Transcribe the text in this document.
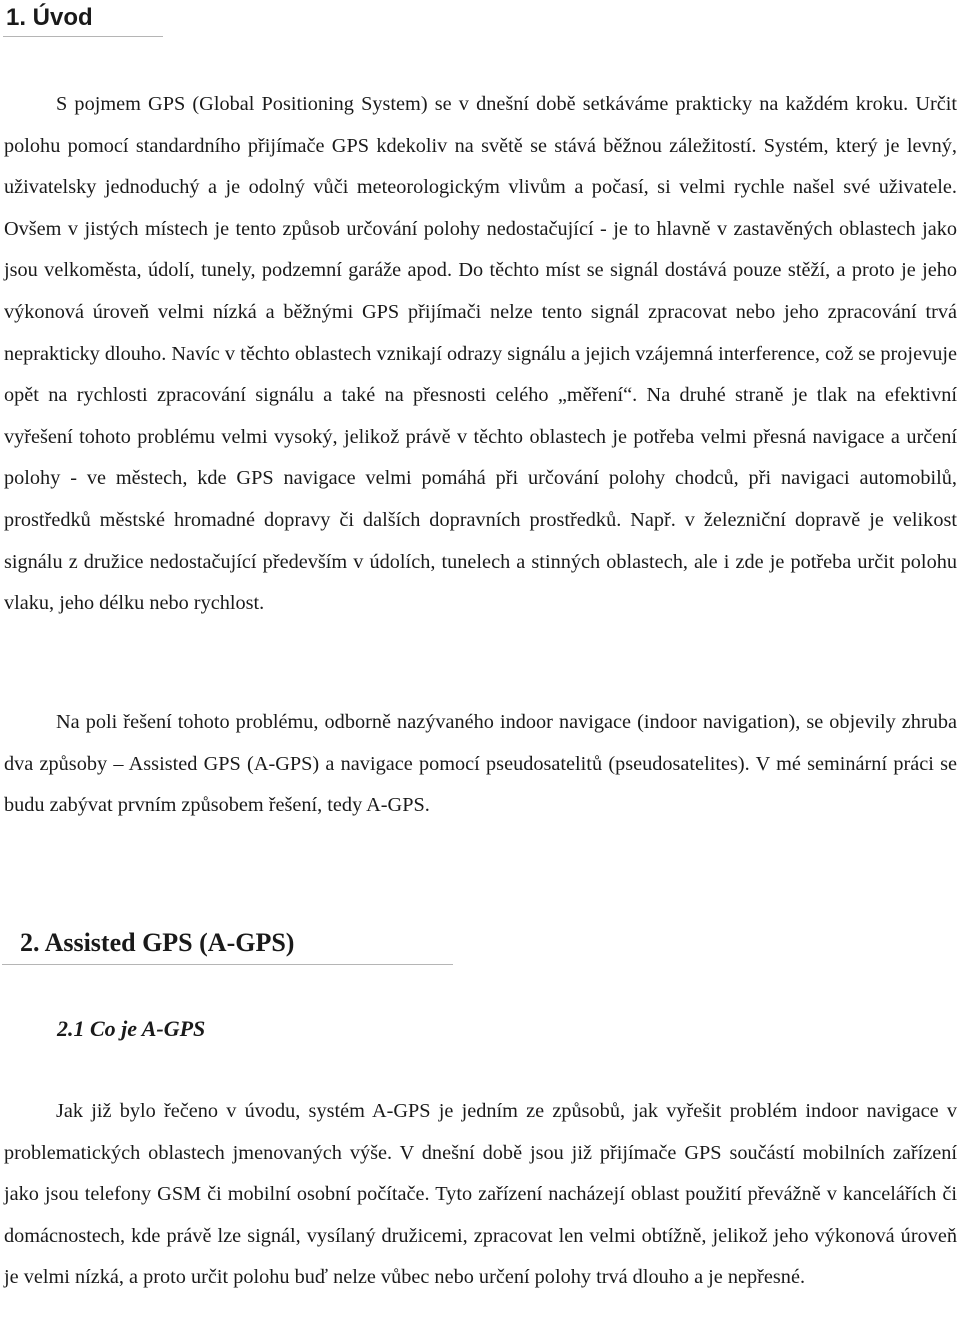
1. Úvod

S pojmem GPS (Global Positioning System) se v dnešní době setkáváme prakticky na každém kroku. Určit polohu pomocí standardního přijímače GPS kdekoliv na světě se stává běžnou záležitostí. Systém, který je levný, uživatelsky jednoduchý a je odolný vůči meteorologickým vlivům a počasí, si velmi rychle našel své uživatele. Ovšem v jistých místech je tento způsob určování polohy nedostačující - je to hlavně v zastavěných oblastech jako jsou velkoměsta, údolí, tunely, podzemní garáže apod. Do těchto míst se signál dostává pouze stěží, a proto je jeho výkonová úroveň velmi nízká a běžnými GPS přijímači nelze tento signál zpracovat nebo jeho zpracování trvá neprakticky dlouho. Navíc v těchto oblastech vznikají odrazy signálu a jejich vzájemná interference, což se projevuje opět na rychlosti zpracování signálu a také na přesnosti celého „měření“. Na druhé straně je tlak na efektivní vyřešení tohoto problému velmi vysoký, jelikož právě v těchto oblastech je potřeba velmi přesná navigace a určení polohy - ve městech, kde GPS navigace velmi pomáhá při určování polohy chodců, při navigaci automobilů, prostředků městské hromadné dopravy či dalších dopravních prostředků. Např. v železniční dopravě je velikost signálu z družice nedostačující především v údolích, tunelech a stinných oblastech, ale i zde je potřeba určit polohu vlaku, jeho délku nebo rychlost.

Na poli řešení tohoto problému, odborně nazývaného indoor navigace (indoor navigation), se objevily zhruba dva způsoby – Assisted GPS (A-GPS) a navigace pomocí pseudosatelitů (pseudosatelites). V mé seminární práci se budu zabývat prvním způsobem řešení, tedy A-GPS.

2. Assisted GPS (A-GPS)
2.1 Co je A-GPS

Jak již bylo řečeno v úvodu, systém A-GPS je jedním ze způsobů, jak vyřešit problém indoor navigace v problematických oblastech jmenovaných výše. V dnešní době jsou již přijímače GPS součástí mobilních zařízení jako jsou telefony GSM či mobilní osobní počítače. Tyto zařízení nacházejí oblast použití převážně v kancelářích či domácnostech, kde právě lze signál, vysílaný družicemi, zpracovat len velmi obtížně, jelikož jeho výkonová úroveň je velmi nízká, a proto určit polohu buď nelze vůbec nebo určení polohy trvá dlouho a je nepřesné.
